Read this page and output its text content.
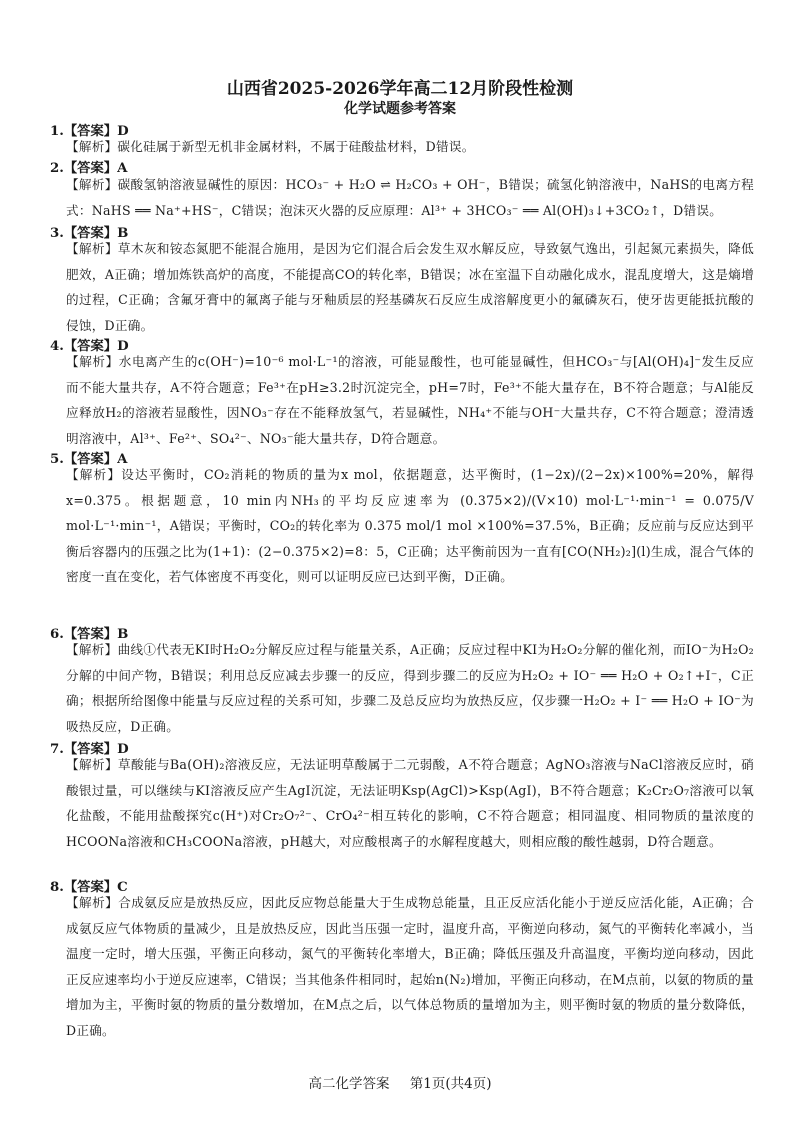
山西省2025-2026学年高二12月阶段性检测
化学试题参考答案
1.【答案】D
【解析】碳化硅属于新型无机非金属材料，不属于硅酸盐材料，D错误。
2.【答案】A
【解析】碳酸氢钠溶液显碱性的原因：HCO₃⁻ + H₂O ⇌ H₂CO₃ + OH⁻，B错误；硫氢化钠溶液中，NaHS的电离方程式：NaHS ══ Na⁺+HS⁻，C错误；泡沫灭火器的反应原理：Al³⁺ + 3HCO₃⁻ ══ Al(OH)₃↓+3CO₂↑，D错误。
3.【答案】B
【解析】草木灰和铵态氮肥不能混合施用，是因为它们混合后会发生双水解反应，导致氨气逸出，引起氮元素损失，降低肥效，A正确；增加炼铁高炉的高度，不能提高CO的转化率，B错误；冰在室温下自动融化成水，混乱度增大，这是熵增的过程，C正确；含氟牙膏中的氟离子能与牙釉质层的羟基磷灰石反应生成溶解度更小的氟磷灰石，使牙齿更能抵抗酸的侵蚀，D正确。
4.【答案】D
【解析】水电离产生的c(OH⁻)=10⁻⁶ mol·L⁻¹的溶液，可能显酸性，也可能显碱性，但HCO₃⁻与[Al(OH)₄]⁻发生反应而不能大量共存，A不符合题意；Fe³⁺在pH≥3.2时沉淀完全，pH=7时，Fe³⁺不能大量存在，B不符合题意；与Al能反应释放H₂的溶液若显酸性，因NO₃⁻存在不能释放氢气，若显碱性，NH₄⁺不能与OH⁻大量共存，C不符合题意；澄清透明溶液中，Al³⁺、Fe²⁺、SO₄²⁻、NO₃⁻能大量共存，D符合题意。
5.【答案】A
【解析】设达平衡时，CO₂消耗的物质的量为x mol，依据题意，达平衡时，(1−2x)/(2−2x)×100%=20%，解得x=0.375。根据题意，10 min内NH₃的平均反应速率为 (0.375×2)/(V×10) mol·L⁻¹·min⁻¹ = 0.075/V mol·L⁻¹·min⁻¹，A错误；平衡时，CO₂的转化率为 0.375 mol/1 mol ×100%=37.5%，B正确；反应前与反应达到平衡后容器内的压强之比为(1+1)：(2−0.375×2)=8：5，C正确；达平衡前因为一直有[CO(NH₂)₂](l)生成，混合气体的密度一直在变化，若气体密度不再变化，则可以证明反应已达到平衡，D正确。
6.【答案】B
【解析】曲线①代表无KI时H₂O₂分解反应过程与能量关系，A正确；反应过程中KI为H₂O₂分解的催化剂，而IO⁻为H₂O₂分解的中间产物，B错误；利用总反应减去步骤一的反应，得到步骤二的反应为H₂O₂ + IO⁻ ══ H₂O + O₂↑+I⁻，C正确；根据所给图像中能量与反应过程的关系可知，步骤二及总反应均为放热反应，仅步骤一H₂O₂ + I⁻ ══ H₂O + IO⁻为吸热反应，D正确。
7.【答案】D
【解析】草酸能与Ba(OH)₂溶液反应，无法证明草酸属于二元弱酸，A不符合题意；AgNO₃溶液与NaCl溶液反应时，硝酸银过量，可以继续与KI溶液反应产生AgI沉淀，无法证明Ksp(AgCl)>Ksp(AgI)，B不符合题意；K₂Cr₂O₇溶液可以氧化盐酸，不能用盐酸探究c(H⁺)对Cr₂O₇²⁻、CrO₄²⁻相互转化的影响，C不符合题意；相同温度、相同物质的量浓度的HCOONa溶液和CH₃COONa溶液，pH越大，对应酸根离子的水解程度越大，则相应酸的酸性越弱，D符合题意。
8.【答案】C
【解析】合成氨反应是放热反应，因此反应物总能量大于生成物总能量，且正反应活化能小于逆反应活化能，A正确；合成氨反应气体物质的量减少，且是放热反应，因此当压强一定时，温度升高，平衡逆向移动，氮气的平衡转化率减小，当温度一定时，增大压强，平衡正向移动，氮气的平衡转化率增大，B正确；降低压强及升高温度，平衡均逆向移动，因此正反应速率均小于逆反应速率，C错误；当其他条件相同时，起始n(N₂)增加，平衡正向移动，在M点前，以氨的物质的量增加为主，平衡时氨的物质的量分数增加，在M点之后，以气体总物质的量增加为主，则平衡时氨的物质的量分数降低，D正确。
高二化学答案 第1页(共4页)
